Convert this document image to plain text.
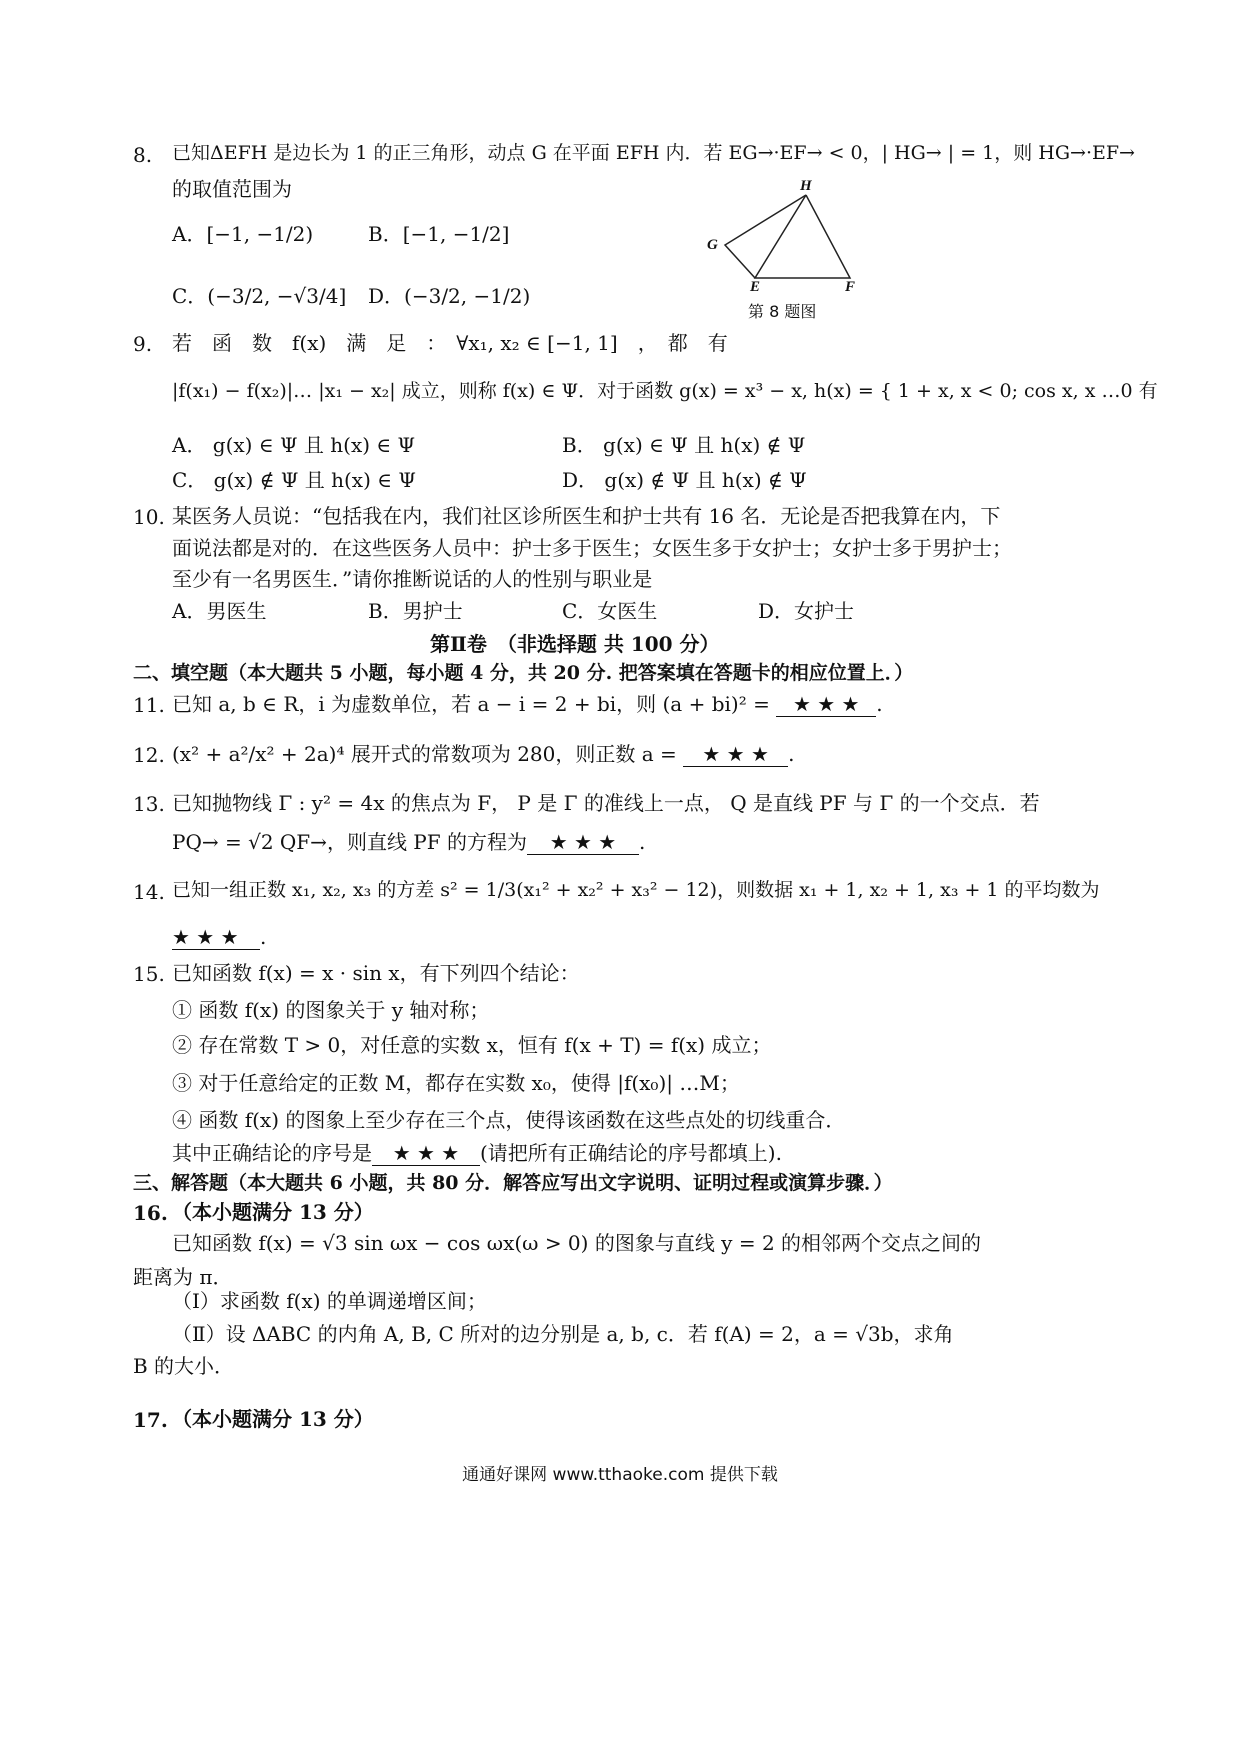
8. 已知ΔEFH 是边长为 1 的正三角形，动点 G 在平面 EFH 内．若 EG→·EF→ < 0，| HG→ | = 1，则 HG→·EF→
的取值范围为
A．[−1, −1/2)	B．[−1, −1/2]
C．(−3/2, −√3/4] D．(−3/2, −1/2)
H
G
E	F
第 8 题图
9. 若　函　数　f(x)　满　足　：　∀x₁, x₂ ∈ [−1, 1]　，　都　有
|f(x₁) − f(x₂)|… |x₁ − x₂| 成立，则称 f(x) ∈ Ψ．对于函数 g(x) = x³ − x, h(x) = { 1 + x, x < 0; cos x, x …0 有
A． g(x) ∈ Ψ 且 h(x) ∈ Ψ	B． g(x) ∈ Ψ 且 h(x) ∉ Ψ
C． g(x) ∉ Ψ 且 h(x) ∈ Ψ	D． g(x) ∉ Ψ 且 h(x) ∉ Ψ
10. 某医务人员说：“包括我在内，我们社区诊所医生和护士共有 16 名．无论是否把我算在内，下
面说法都是对的．在这些医务人员中：护士多于医生；女医生多于女护士；女护士多于男护士；
至少有一名男医生．”请你推断说话的人的性别与职业是
A．男医生	B．男护士	C．女医生	D．女护士
第Ⅱ卷　（非选择题 共 100 分）
二、填空题（本大题共 5 小题，每小题 4 分，共 20 分. 把答案填在答题卡的相应位置上．）
11. 已知 a, b ∈ R，i 为虚数单位，若 a − i = 2 + bi，则 (a + bi)² = ★ ★ ★ .
12. (x² + a²/x² + 2a)⁴ 展开式的常数项为 280，则正数 a = ★ ★ ★ .
13. 已知抛物线 Γ : y² = 4x 的焦点为 F， P 是 Γ 的准线上一点， Q 是直线 PF 与 Γ 的一个交点．若
PQ→ = √2 QF→，则直线 PF 的方程为 ★ ★ ★ .
14. 已知一组正数 x₁, x₂, x₃ 的方差 s² = 1/3(x₁² + x₂² + x₃² − 12)，则数据 x₁ + 1, x₂ + 1, x₃ + 1 的平均数为
★ ★ ★ .
15. 已知函数 f(x) = x · sin x，有下列四个结论：
① 函数 f(x) 的图象关于 y 轴对称；
② 存在常数 T > 0，对任意的实数 x，恒有 f(x + T) = f(x) 成立；
③ 对于任意给定的正数 M，都存在实数 x₀，使得 |f(x₀)| …M；
④ 函数 f(x) 的图象上至少存在三个点，使得该函数在这些点处的切线重合．
其中正确结论的序号是 ★ ★ ★ (请把所有正确结论的序号都填上).
三、解答题（本大题共 6 小题，共 80 分．解答应写出文字说明、证明过程或演算步骤．）
16. （本小题满分 13 分）
已知函数 f(x) = √3 sin ωx − cos ωx(ω > 0) 的图象与直线 y = 2 的相邻两个交点之间的
距离为 π．
（Ⅰ）求函数 f(x) 的单调递增区间；
（Ⅱ）设 ΔABC 的内角 A, B, C 所对的边分别是 a, b, c．若 f(A) = 2，a = √3b，求角
B 的大小．
17. （本小题满分 13 分）
通通好课网 www.tthaoke.com 提供下载
